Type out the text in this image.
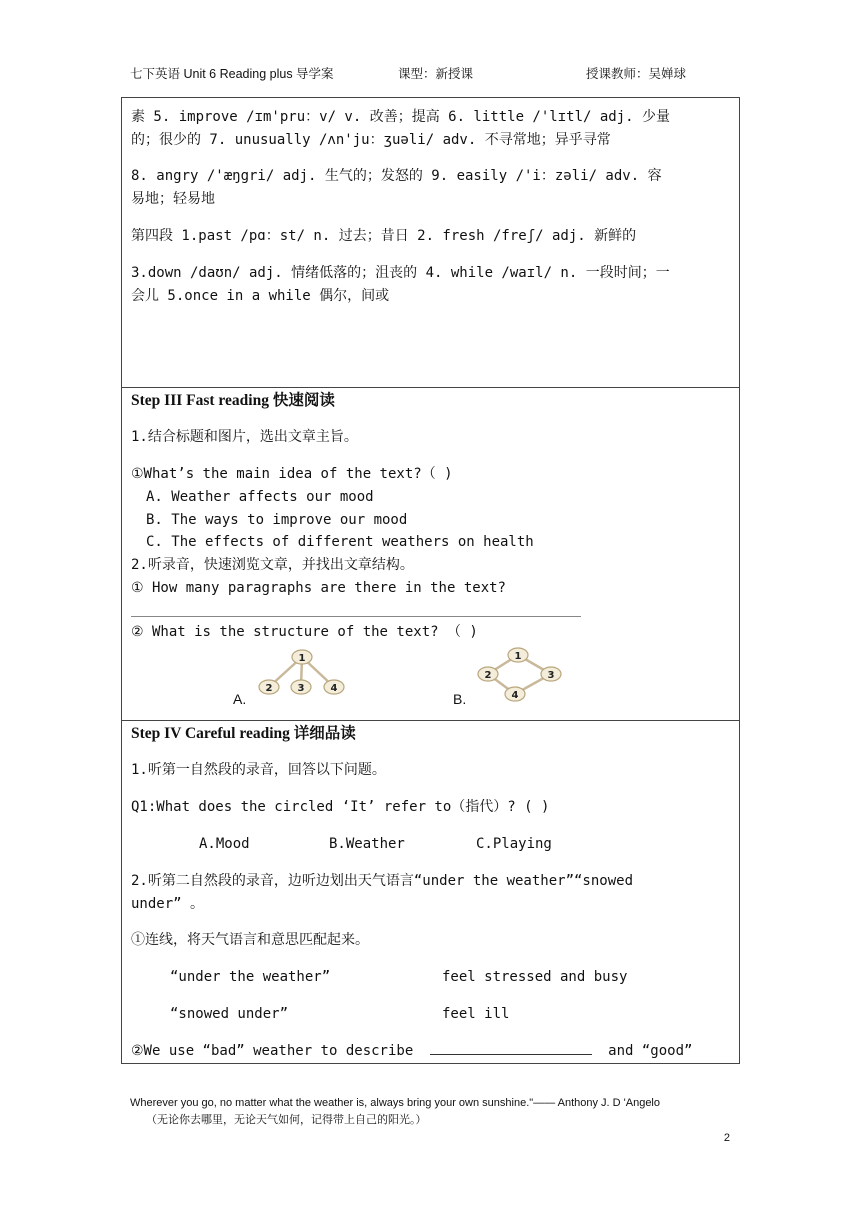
七下英语 Unit 6 Reading plus 导学案	课型：新授课	授课教师：吴婵球
素 5. improve /ɪm'pru：v/ v. 改善；提高 6. little /'lɪtl/ adj. 少量
的；很少的 7. unusually /ʌn'ju：ʒuəli/ adv. 不寻常地；异乎寻常
8. angry /'æŋgri/ adj. 生气的；发怒的 9. easily /'i：zəli/ adv. 容
易地；轻易地
第四段 1.past /pɑ：st/ n. 过去；昔日 2. fresh /freʃ/ adj. 新鲜的
3.down /daʊn/ adj. 情绪低落的；沮丧的 4. while /waɪl/ n. 一段时间；一
会儿 5.once in a while 偶尔，间或
Step III Fast reading 快速阅读
1.结合标题和图片，选出文章主旨。
①What’s the main idea of the text?（ )
A. Weather affects our mood
B. The ways to improve our mood
C. The effects of different weathers on health
2.听录音，快速浏览文章，并找出文章结构。
① How many paragraphs are there in the text?
② What is the structure of the text? （ )
A.
1
2	3	4
B.
1
2	3
4
Step IV Careful reading 详细品读
1.听第一自然段的录音，回答以下问题。
Q1:What does the circled ‘It’ refer to（指代）? ( )
A.Mood	B.Weather	C.Playing
2.听第二自然段的录音，边听边划出天气语言“under the weather”“snowed
under” 。
①连线，将天气语言和意思匹配起来。
“under the weather”	feel stressed and busy
“snowed under”	feel ill
②We use “bad” weather to describe	and “good”
Wherever you go, no matter what the weather is, always bring your own sunshine."—— Anthony J. D 'Angelo
（无论你去哪里，无论天气如何，记得带上自己的阳光。）
2
